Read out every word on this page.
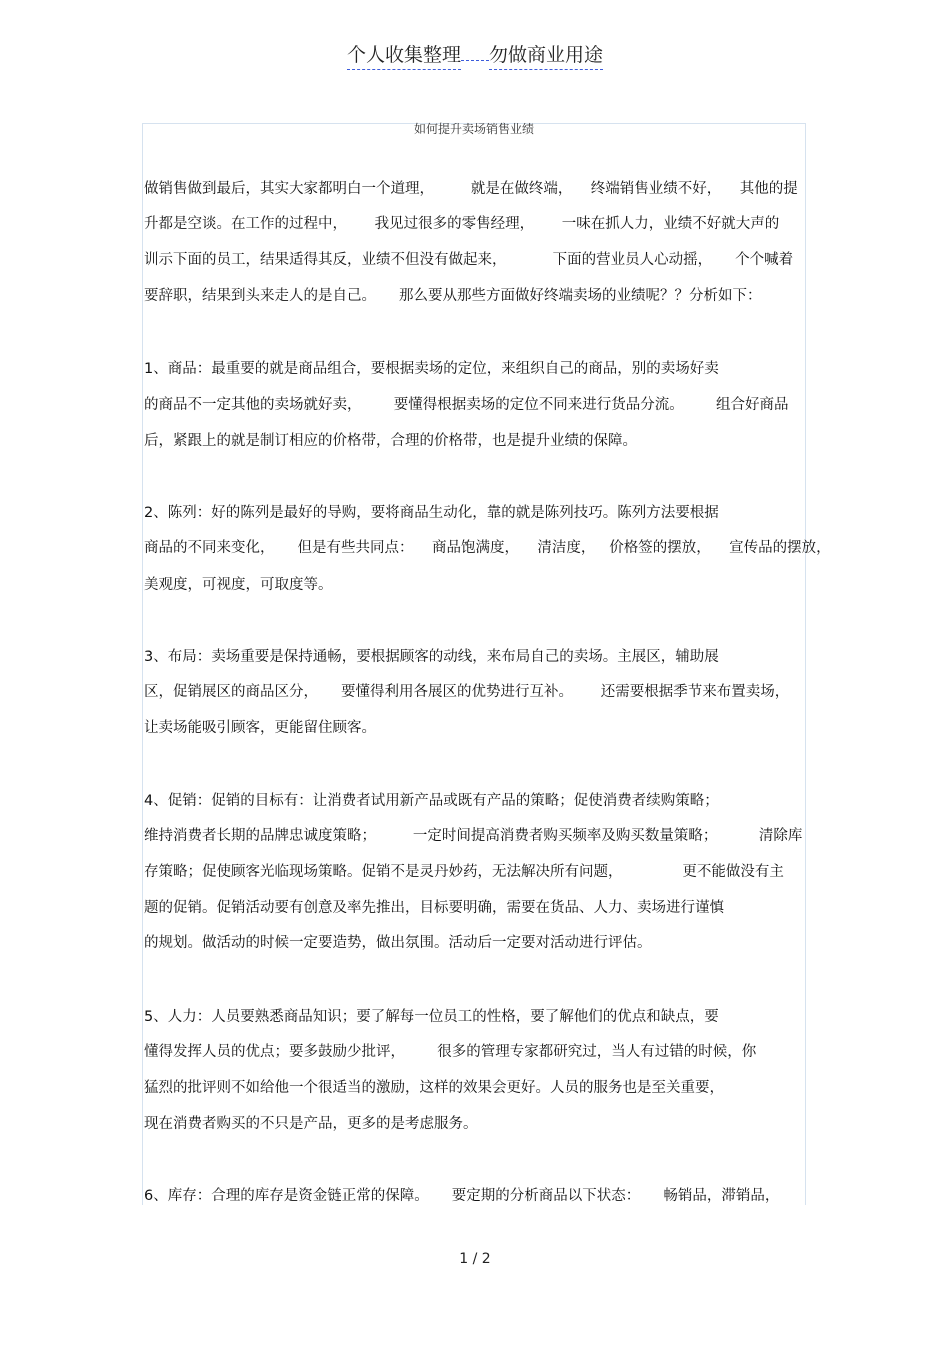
个人收集整理 勿做商业用途
如何提升卖场销售业绩
做销售做到最后，其实大家都明白一个道理，        就是在做终端，    终端销售业绩不好，    其他的提
升都是空谈。在工作的过程中，      我见过很多的零售经理，      一味在抓人力，业绩不好就大声的
训示下面的员工，结果适得其反，业绩不但没有做起来，          下面的营业员人心动摇，     个个喊着
要辞职，结果到头来走人的是自己。     那么要从那些方面做好终端卖场的业绩呢？？分析如下：
1、商品：最重要的就是商品组合，要根据卖场的定位，来组织自己的商品，别的卖场好卖
的商品不一定其他的卖场就好卖，       要懂得根据卖场的定位不同来进行货品分流。       组合好商品
后，紧跟上的就是制订相应的价格带，合理的价格带，也是提升业绩的保障。
2、陈列：好的陈列是最好的导购，要将商品生动化，靠的就是陈列技巧。陈列方法要根据
商品的不同来变化，     但是有些共同点：    商品饱满度，    清洁度，   价格签的摆放，    宣传品的摆放，
美观度，可视度，可取度等。
3、布局：卖场重要是保持通畅，要根据顾客的动线，来布局自己的卖场。主展区，辅助展
区，促销展区的商品区分，     要懂得利用各展区的优势进行互补。      还需要根据季节来布置卖场，
让卖场能吸引顾客，更能留住顾客。
4、促销：促销的目标有：让消费者试用新产品或既有产品的策略；促使消费者续购策略；
维持消费者长期的品牌忠诚度策略；        一定时间提高消费者购买频率及购买数量策略；         清除库
存策略；促使顾客光临现场策略。促销不是灵丹妙药，无法解决所有问题，             更不能做没有主
题的促销。促销活动要有创意及率先推出，目标要明确，需要在货品、人力、卖场进行谨慎
的规划。做活动的时候一定要造势，做出氛围。活动后一定要对活动进行评估。
5、人力：人员要熟悉商品知识；要了解每一位员工的性格，要了解他们的优点和缺点，要
懂得发挥人员的优点；要多鼓励少批评，       很多的管理专家都研究过，当人有过错的时候，你
猛烈的批评则不如给他一个很适当的激励，这样的效果会更好。人员的服务也是至关重要，
现在消费者购买的不只是产品，更多的是考虑服务。
6、库存：合理的库存是资金链正常的保障。     要定期的分析商品以下状态：     畅销品，滞销品，
1 / 2
